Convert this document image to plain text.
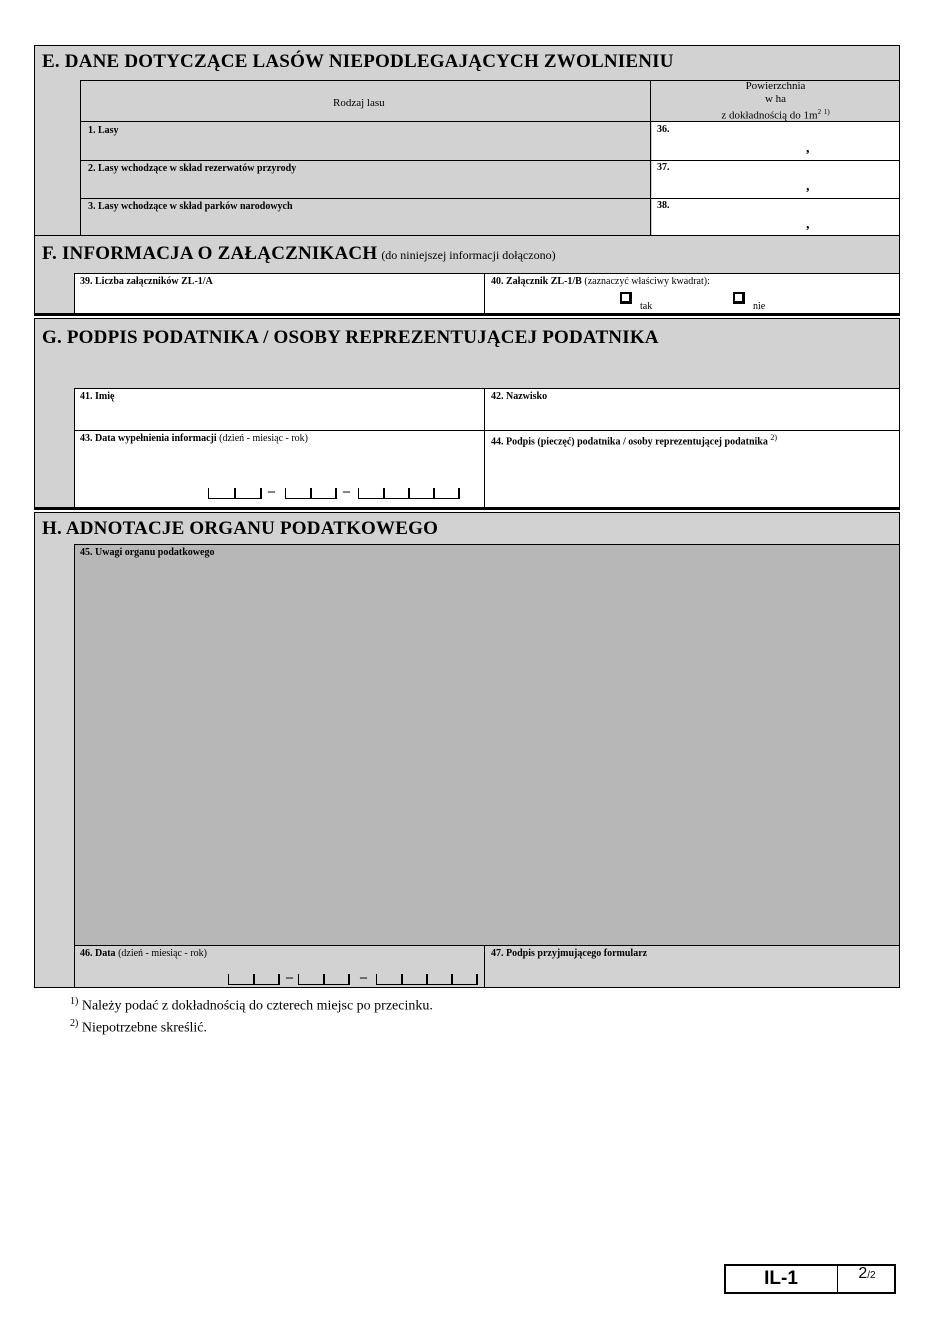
E. DANE DOTYCZĄCE LASÓW NIEPODLEGAJĄCYCH ZWOLNIENIU
Rodzaj lasu
Powierzchnia
w ha
z dokładnością do $1m^2$ $^{1)}$
1. Lasy	36.
,
2. Lasy wchodzące w skład rezerwatów przyrody	37.
,
3. Lasy wchodzące w skład parków narodowych	38.
,
F. INFORMACJA O ZAŁĄCZNIKACH (do niniejszej informacji dołączono)
39. Liczba załączników ZL-1/A	40. Załącznik ZL-1/B (zaznaczyć właściwy kwadrat):
tak	nie
G. PODPIS PODATNIKA / OSOBY REPREZENTUJĄCEJ PODATNIKA
41. Imię	42. Nazwisko
43. Data wypełnienia informacji (dzień - miesiąc - rok)
–	–
44. Podpis (pieczęć) podatnika / osoby reprezentującej podatnika $^{2)}$
H. ADNOTACJE ORGANU PODATKOWEGO
45. Uwagi organu podatkowego
46. Data (dzień - miesiąc - rok)
–	–
47. Podpis przyjmującego formularz
$^{1)}$ Należy podać z dokładnością do czterech miejsc po przecinku.
$^{2)}$ Niepotrzebne skreślić.
IL-1	2/2
